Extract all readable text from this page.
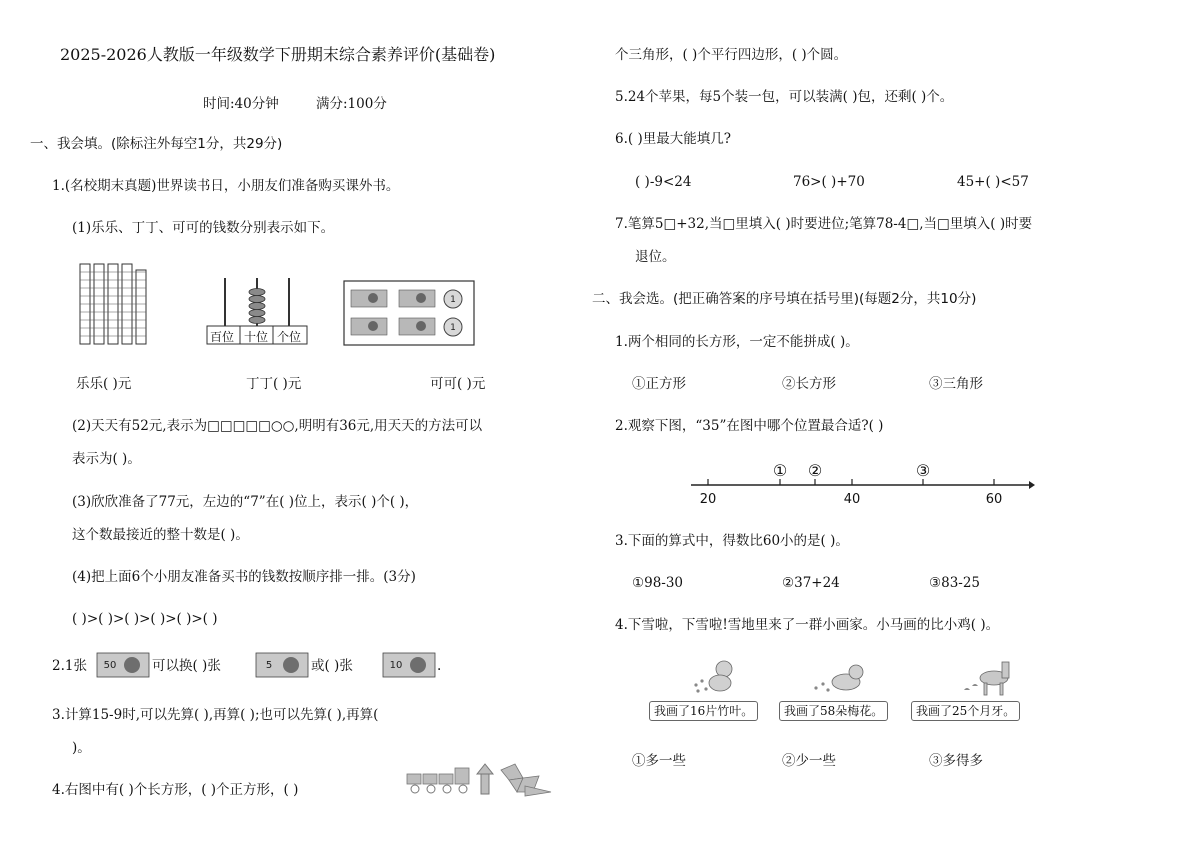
2025-2026人教版一年级数学下册期末综合素养评价(基础卷)
时间:40分钟	满分:100分
一、我会填。(除标注外每空1分，共29分)
1.(名校期末真题)世界读书日，小朋友们准备购买课外书。
(1)乐乐、丁丁、可可的钱数分别表示如下。
百位 十位 个位
1
1
乐乐( )元	丁丁( )元	可可( )元
(2)天天有52元,表示为□□□□□○○,明明有36元,用天天的方法可以
表示为( )。
(3)欣欣准备了77元，左边的“7”在( )位上，表示( )个( )，
这个数最接近的整十数是( )。
(4)把上面6个小朋友准备买书的钱数按顺序排一排。(3分)
( )>( )>( )>( )>( )>( )
2.1张 50	可以换( )张	5	或( )张	10	.
3.计算15-9时,可以先算( ),再算( );也可以先算( ),再算(
)。
4.右图中有( )个长方形，( )个正方形，( )
个三角形，( )个平行四边形，( )个圆。
5.24个苹果，每5个装一包，可以装满( )包，还剩( )个。
6.( )里最大能填几?
( )-9<24	76>( )+70	45+( )<57
7.笔算5□+32,当□里填入( )时要进位;笔算78-4□,当□里填入( )时要
退位。
二、我会选。(把正确答案的序号填在括号里)(每题2分，共10分)
1.两个相同的长方形，一定不能拼成( )。
①正方形	②长方形	③三角形
2.观察下图，“35”在图中哪个位置最合适?( )
20	40	60
① ②	③
3.下面的算式中，得数比60小的是( )。
①98-30	②37+24	③83-25
4.下雪啦，下雪啦!雪地里来了一群小画家。小马画的比小鸡( )。
我画了16片竹叶。	我画了58朵梅花。	我画了25个月牙。
①多一些	②少一些	③多得多
